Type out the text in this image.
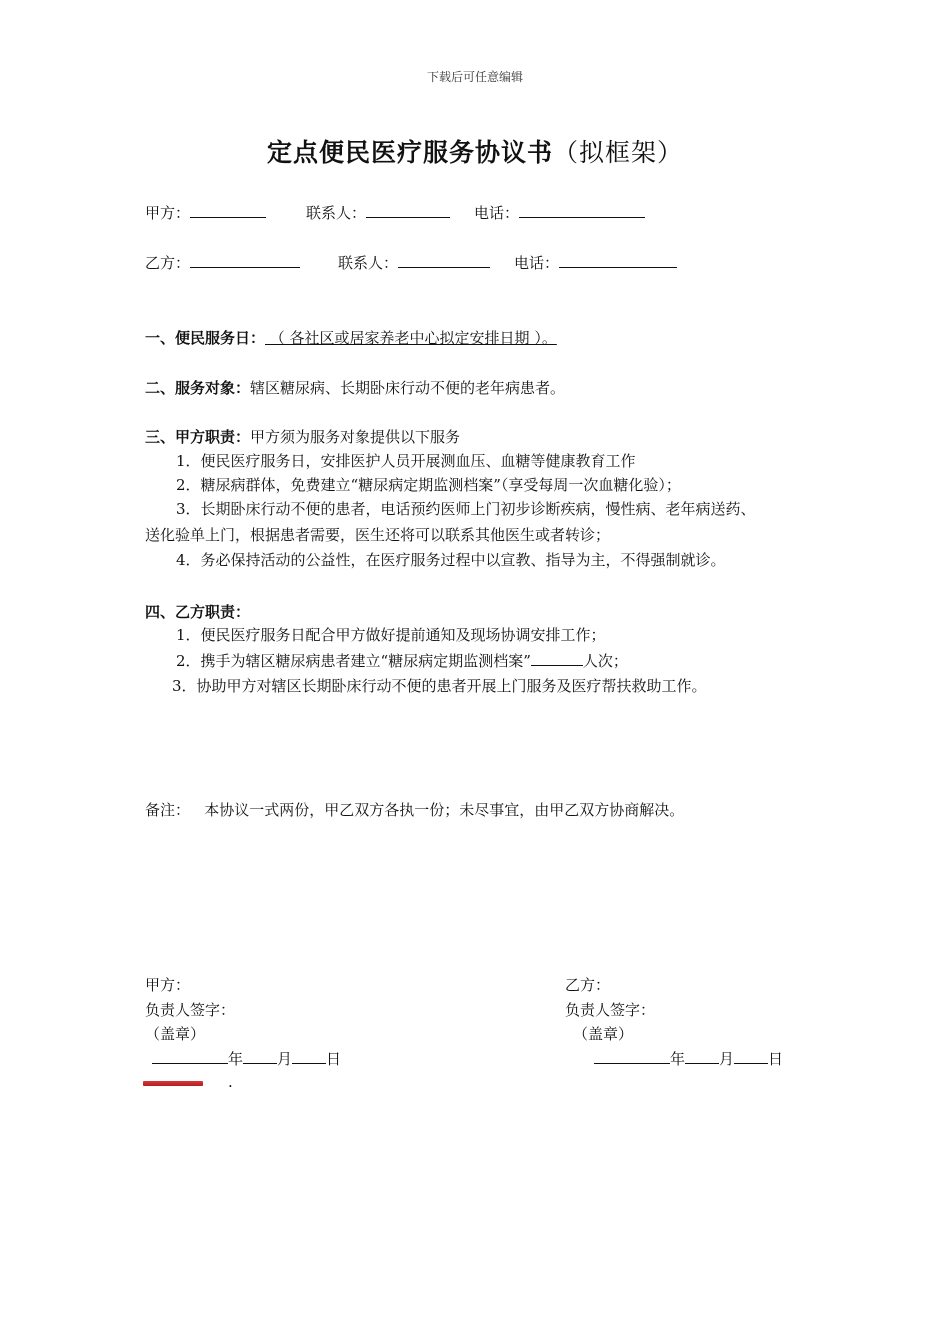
下载后可任意编辑
定点便民医疗服务协议书（拟框架）
甲方：	联系人：	电话：
乙方：	联系人：	电话：
一、便民服务日： （ 各社区或居家养老中心拟定安排日期 ）。
二、服务对象：辖区糖尿病、长期卧床行动不便的老年病患者。
三、甲方职责：甲方须为服务对象提供以下服务
1．便民医疗服务日，安排医护人员开展测血压、血糖等健康教育工作
2．糖尿病群体，免费建立“糖尿病定期监测档案”（享受每周一次血糖化验）；
3．长期卧床行动不便的患者，电话预约医师上门初步诊断疾病，慢性病、老年病送药、
送化验单上门，根据患者需要，医生还将可以联系其他医生或者转诊；
4．务必保持活动的公益性，在医疗服务过程中以宣教、指导为主，不得强制就诊。
四、乙方职责：
1．便民医疗服务日配合甲方做好提前通知及现场协调安排工作；
2．携手为辖区糖尿病患者建立“糖尿病定期监测档案”	人次；
3．协助甲方对辖区长期卧床行动不便的患者开展上门服务及医疗帮扶救助工作。
备注：   本协议一式两份，甲乙双方各执一份；未尽事宜，由甲乙双方协商解决。
甲方：
负责人签字：
（盖章）
年 月 日
乙方：
负责人签字：
（盖章）
年 月 日
.
